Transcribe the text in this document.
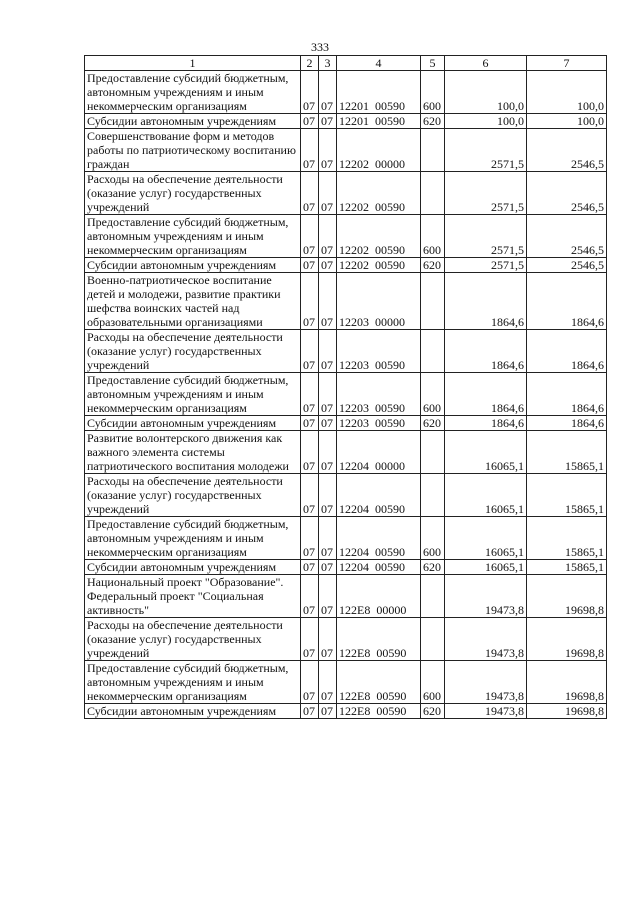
333
1	2	3	4	5	6	7
Предоставление субсидий бюджетным, автономным учреждениям и иным некоммерческим организациям	07	07	12201  00590	600	100,0	100,0
Субсидии автономным учреждениям	07	07	12201  00590	620	100,0	100,0
Совершенствование форм и методов работы по патриотическому воспитанию граждан	07	07	12202  00000		2571,5	2546,5
Расходы на обеспечение деятельности (оказание услуг) государственных учреждений	07	07	12202  00590		2571,5	2546,5
Предоставление субсидий бюджетным, автономным учреждениям и иным некоммерческим организациям	07	07	12202  00590	600	2571,5	2546,5
Субсидии автономным учреждениям	07	07	12202  00590	620	2571,5	2546,5
Военно-патриотическое воспитание детей и молодежи, развитие практики шефства воинских частей над образовательными организациями	07	07	12203  00000		1864,6	1864,6
Расходы на обеспечение деятельности (оказание услуг) государственных учреждений	07	07	12203  00590		1864,6	1864,6
Предоставление субсидий бюджетным, автономным учреждениям и иным некоммерческим организациям	07	07	12203  00590	600	1864,6	1864,6
Субсидии автономным учреждениям	07	07	12203  00590	620	1864,6	1864,6
Развитие волонтерского движения как важного элемента системы патриотического воспитания молодежи	07	07	12204  00000		16065,1	15865,1
Расходы на обеспечение деятельности (оказание услуг) государственных учреждений	07	07	12204  00590		16065,1	15865,1
Предоставление субсидий бюджетным, автономным учреждениям и иным некоммерческим организациям	07	07	12204  00590	600	16065,1	15865,1
Субсидии автономным учреждениям	07	07	12204  00590	620	16065,1	15865,1
Национальный проект "Образование". Федеральный проект "Социальная активность"	07	07	122E8  00000		19473,8	19698,8
Расходы на обеспечение деятельности (оказание услуг) государственных учреждений	07	07	122E8  00590		19473,8	19698,8
Предоставление субсидий бюджетным, автономным учреждениям и иным некоммерческим организациям	07	07	122E8  00590	600	19473,8	19698,8
Субсидии автономным учреждениям	07	07	122E8  00590	620	19473,8	19698,8
